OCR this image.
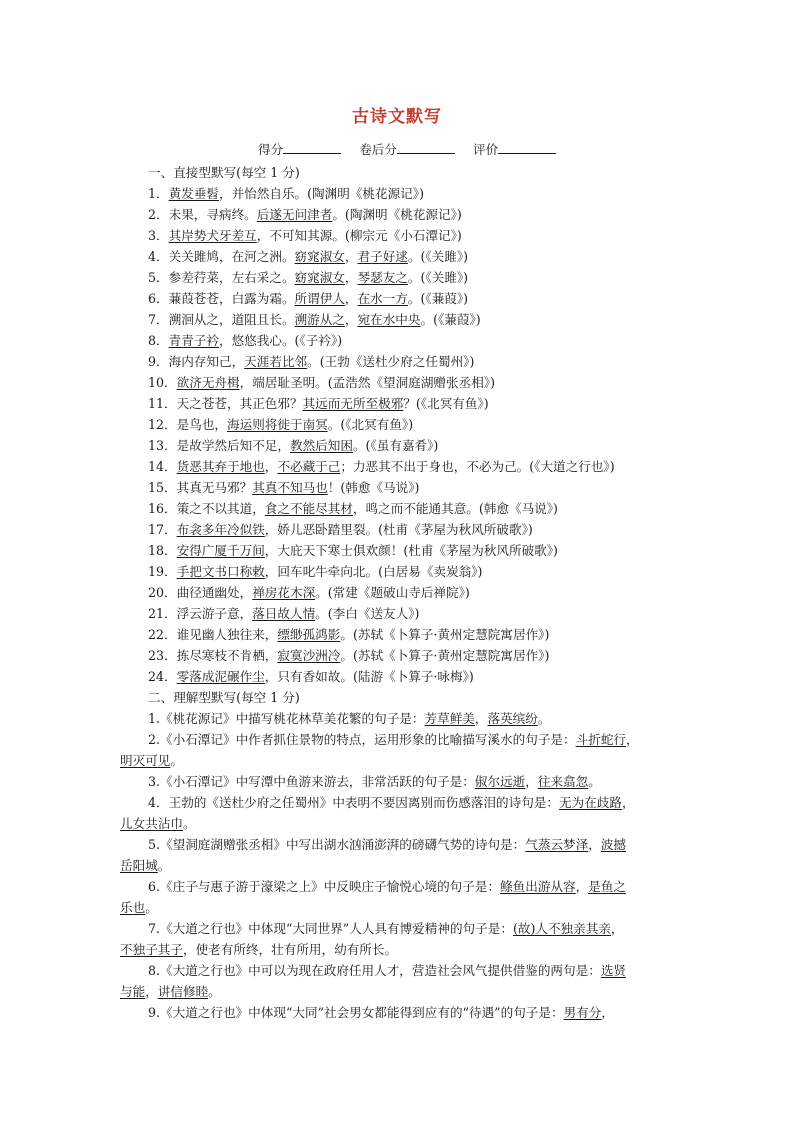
古诗文默写
得分	卷后分	评价
一、直接型默写(每空 1 分)
1．黄发垂髫，并怡然自乐。(陶渊明《桃花源记》)
2．未果，寻病终。后遂无问津者。(陶渊明《桃花源记》)
3．其岸势犬牙差互，不可知其源。(柳宗元《小石潭记》)
4．关关雎鸠，在河之洲。窈窕淑女，君子好逑。(《关雎》)
5．参差荇菜，左右采之。窈窕淑女，琴瑟友之。(《关雎》)
6．蒹葭苍苍，白露为霜。所谓伊人，在水一方。(《蒹葭》)
7．溯洄从之，道阻且长。溯游从之，宛在水中央。(《蒹葭》)
8．青青子衿，悠悠我心。(《子衿》)
9．海内存知己，天涯若比邻。(王勃《送杜少府之任蜀州》)
10．欲济无舟楫，端居耻圣明。(孟浩然《望洞庭湖赠张丞相》)
11．天之苍苍，其正色邪？其远而无所至极邪？(《北冥有鱼》)
12．是鸟也，海运则将徙于南冥。(《北冥有鱼》)
13．是故学然后知不足，教然后知困。(《虽有嘉肴》)
14．货恶其弃于地也，不必藏于己；力恶其不出于身也，不必为己。(《大道之行也》)
15．其真无马邪？其真不知马也！(韩愈《马说》)
16．策之不以其道，食之不能尽其材，鸣之而不能通其意。(韩愈《马说》)
17．布衾多年冷似铁，娇儿恶卧踏里裂。(杜甫《茅屋为秋风所破歌》)
18．安得广厦千万间，大庇天下寒士俱欢颜！(杜甫《茅屋为秋风所破歌》)
19．手把文书口称敕，回车叱牛牵向北。(白居易《卖炭翁》)
20．曲径通幽处，禅房花木深。(常建《题破山寺后禅院》)
21．浮云游子意，落日故人情。(李白《送友人》)
22．谁见幽人独往来，缥缈孤鸿影。(苏轼《卜算子·黄州定慧院寓居作》)
23．拣尽寒枝不肯栖，寂寞沙洲冷。(苏轼《卜算子·黄州定慧院寓居作》)
24．零落成泥碾作尘，只有香如故。(陆游《卜算子·咏梅》)
二、理解型默写(每空 1 分)
1.《桃花源记》中描写桃花林草美花繁的句子是：芳草鲜美，落英缤纷。
2.《小石潭记》中作者抓住景物的特点，运用形象的比喻描写溪水的句子是：斗折蛇行，
明灭可见。
3.《小石潭记》中写潭中鱼游来游去，非常活跃的句子是：俶尔远逝，往来翕忽。
4．王勃的《送杜少府之任蜀州》中表明不要因离别而伤感落泪的诗句是：无为在歧路，
儿女共沾巾。
5.《望洞庭湖赠张丞相》中写出湖水汹涌澎湃的磅礴气势的诗句是：气蒸云梦泽，波撼
岳阳城。
6.《庄子与惠子游于濠梁之上》中反映庄子愉悦心境的句子是：鲦鱼出游从容，是鱼之
乐也。
7.《大道之行也》中体现“大同世界”人人具有博爱精神的句子是：(故)人不独亲其亲，
不独子其子，使老有所终，壮有所用，幼有所长。
8.《大道之行也》中可以为现在政府任用人才，营造社会风气提供借鉴的两句是：选贤
与能，讲信修睦。
9.《大道之行也》中体现“大同”社会男女都能得到应有的“待遇”的句子是：男有分，
